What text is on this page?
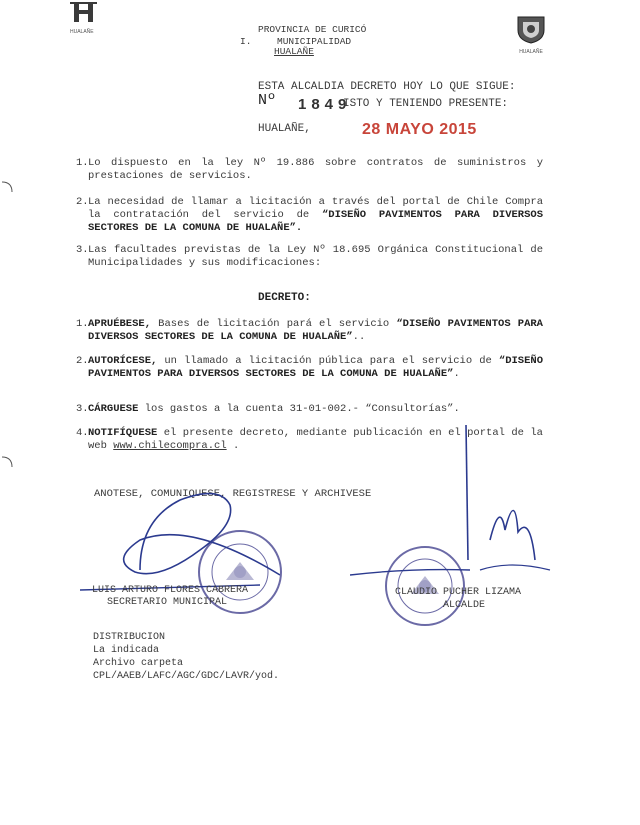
HUALAÑE
HUALAÑE
PROVINCIA DE CURICÓ
I.	MUNICIPALIDAD
HUALAÑE
ESTA ALCALDIA DECRETO HOY LO QUE SIGUE:
Nº 1849
ISTO Y TENIENDO PRESENTE:
HUALAÑE,	28 MAYO 2015
1. Lo dispuesto en la ley Nº 19.886 sobre contratos de suministros y prestaciones de servicios.
2. La necesidad de llamar a licitación a través del portal de Chile Compra la contratación del servicio de “DISEÑO PAVIMENTOS PARA DIVERSOS SECTORES DE LA COMUNA DE HUALAÑE”.
3. Las facultades previstas de la Ley Nº 18.695 Orgánica Constitucional de Municipalidades y sus modificaciones:
DECRETO:
1. APRUÉBESE, Bases de licitación pará el servicio “DISEÑO PAVIMENTOS PARA DIVERSOS SECTORES DE LA COMUNA DE HUALAÑE”..
2. AUTORÍCESE, un llamado a licitación pública para el servicio de “DISEÑO PAVIMENTOS PARA DIVERSOS SECTORES DE LA COMUNA DE HUALAÑE”.
3. CÁRGUESE los gastos a la cuenta 31-01-002.- “Consultorías”.
4. NOTIFÍQUESE el presente decreto, mediante publicación en el portal de la web www.chilecompra.cl .
ANOTESE, COMUNIQUESE, REGISTRESE Y ARCHIVESE
LUIS ARTURO FLORES CABRERA
SECRETARIO MUNICIPAL
CLAUDIO PUCHER LIZAMA
ALCALDE
DISTRIBUCION
La indicada
Archivo carpeta
CPL/AAEB/LAFC/AGC/GDC/LAVR/yod.
